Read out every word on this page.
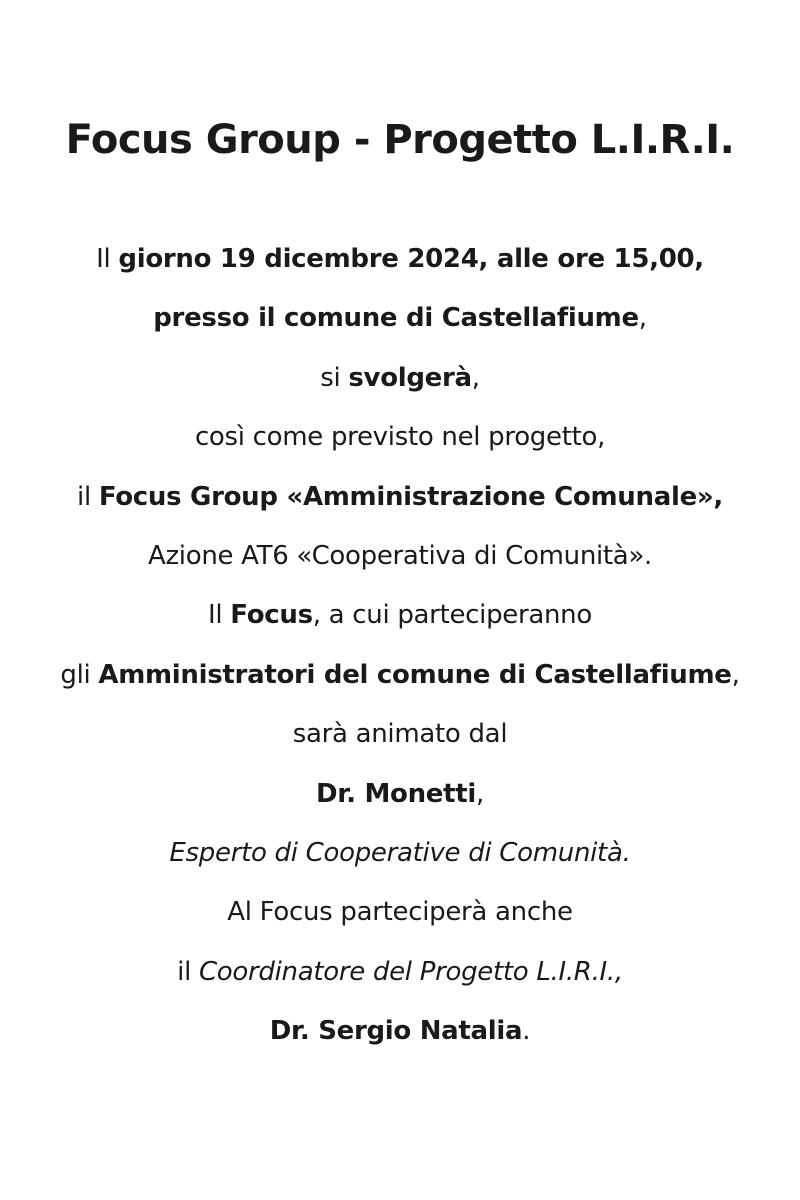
Focus Group - Progetto L.I.R.I.
Il giorno 19 dicembre 2024, alle ore 15,00,
presso il comune di Castellafiume,
si svolgerà,
così come previsto nel progetto,
il Focus Group «Amministrazione Comunale»,
Azione AT6 «Cooperativa di Comunità».
Il Focus, a cui parteciperanno
gli Amministratori del comune di Castellafiume,
sarà animato dal
Dr. Monetti,
Esperto di Cooperative di Comunità.
Al Focus parteciperà anche
il Coordinatore del Progetto L.I.R.I.,
Dr. Sergio Natalia.
